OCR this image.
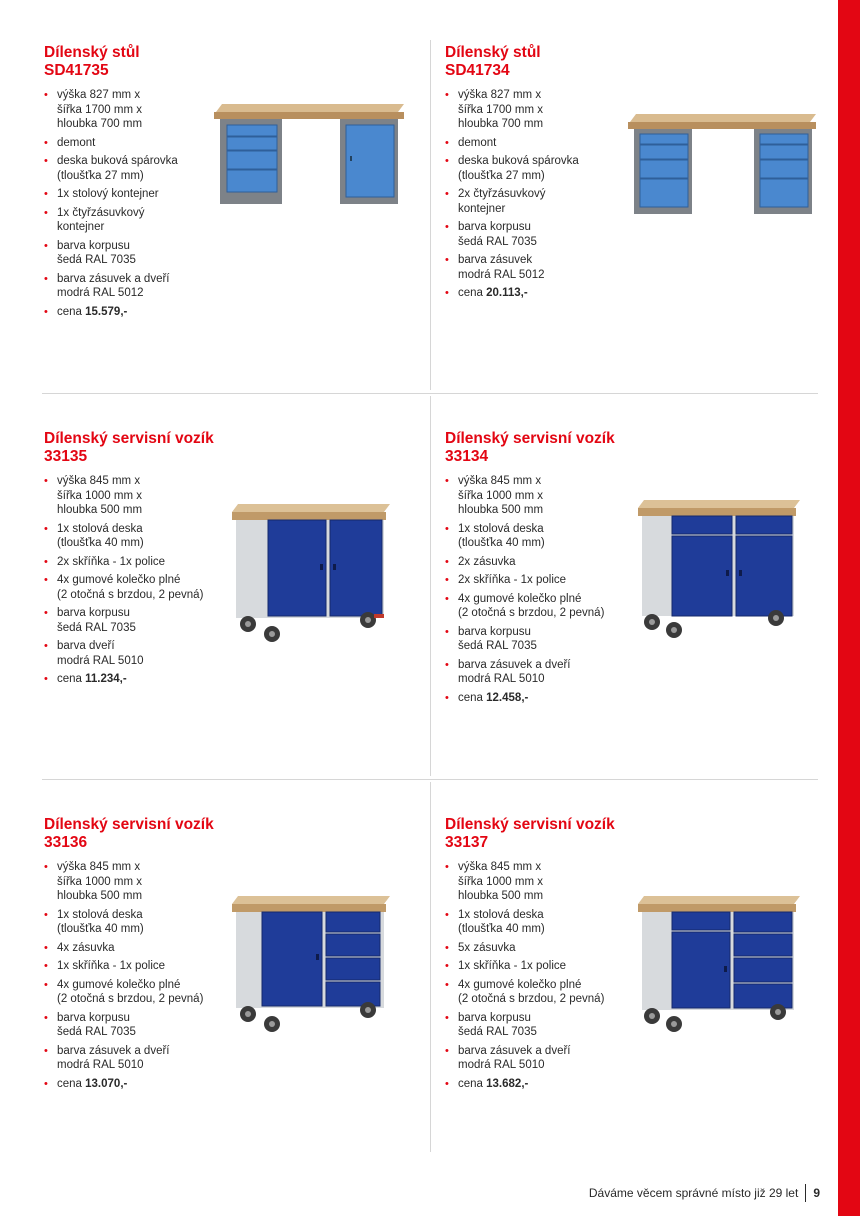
Dílenský stůl
SD41735
• výška 827 mm x
šířka 1700 mm x
hloubka 700 mm
• demont
• deska buková spárovka
(tloušťka 27 mm)
• 1x stolový kontejner
• 1x čtyřzásuvkový
kontejner
• barva korpusu
šedá RAL 7035
• barva zásuvek a dveří
modrá RAL 5012
• cena 15.579,-
Dílenský stůl
SD41734
• výška 827 mm x
šířka 1700 mm x
hloubka 700 mm
• demont
• deska buková spárovka
(tloušťka 27 mm)
• 2x čtyřzásuvkový
kontejner
• barva korpusu
šedá RAL 7035
• barva zásuvek
modrá RAL 5012
• cena 20.113,-
Dílenský servisní vozík
33135
• výška 845 mm x
šířka 1000 mm x
hloubka 500 mm
• 1x stolová deska
(tloušťka 40 mm)
• 2x skříňka - 1x police
• 4x gumové kolečko plné
(2 otočná s brzdou, 2 pevná)
• barva korpusu
šedá RAL 7035
• barva dveří
modrá RAL 5010
• cena 11.234,-
Dílenský servisní vozík
33134
• výška 845 mm x
šířka 1000 mm x
hloubka 500 mm
• 1x stolová deska
(tloušťka 40 mm)
• 2x zásuvka
• 2x skříňka - 1x police
• 4x gumové kolečko plné
(2 otočná s brzdou, 2 pevná)
• barva korpusu
šedá RAL 7035
• barva zásuvek a dveří
modrá RAL 5010
• cena 12.458,-
Dílenský servisní vozík
33136
• výška 845 mm x
šířka 1000 mm x
hloubka 500 mm
• 1x stolová deska
(tloušťka 40 mm)
• 4x zásuvka
• 1x skříňka - 1x police
• 4x gumové kolečko plné
(2 otočná s brzdou, 2 pevná)
• barva korpusu
šedá RAL 7035
• barva zásuvek a dveří
modrá RAL 5010
• cena 13.070,-
Dílenský servisní vozík
33137
• výška 845 mm x
šířka 1000 mm x
hloubka 500 mm
• 1x stolová deska
(tloušťka 40 mm)
• 5x zásuvka
• 1x skříňka - 1x police
• 4x gumové kolečko plné
(2 otočná s brzdou, 2 pevná)
• barva korpusu
šedá RAL 7035
• barva zásuvek a dveří
modrá RAL 5010
• cena 13.682,-
Dáváme věcem správné místo již 29 let 9
